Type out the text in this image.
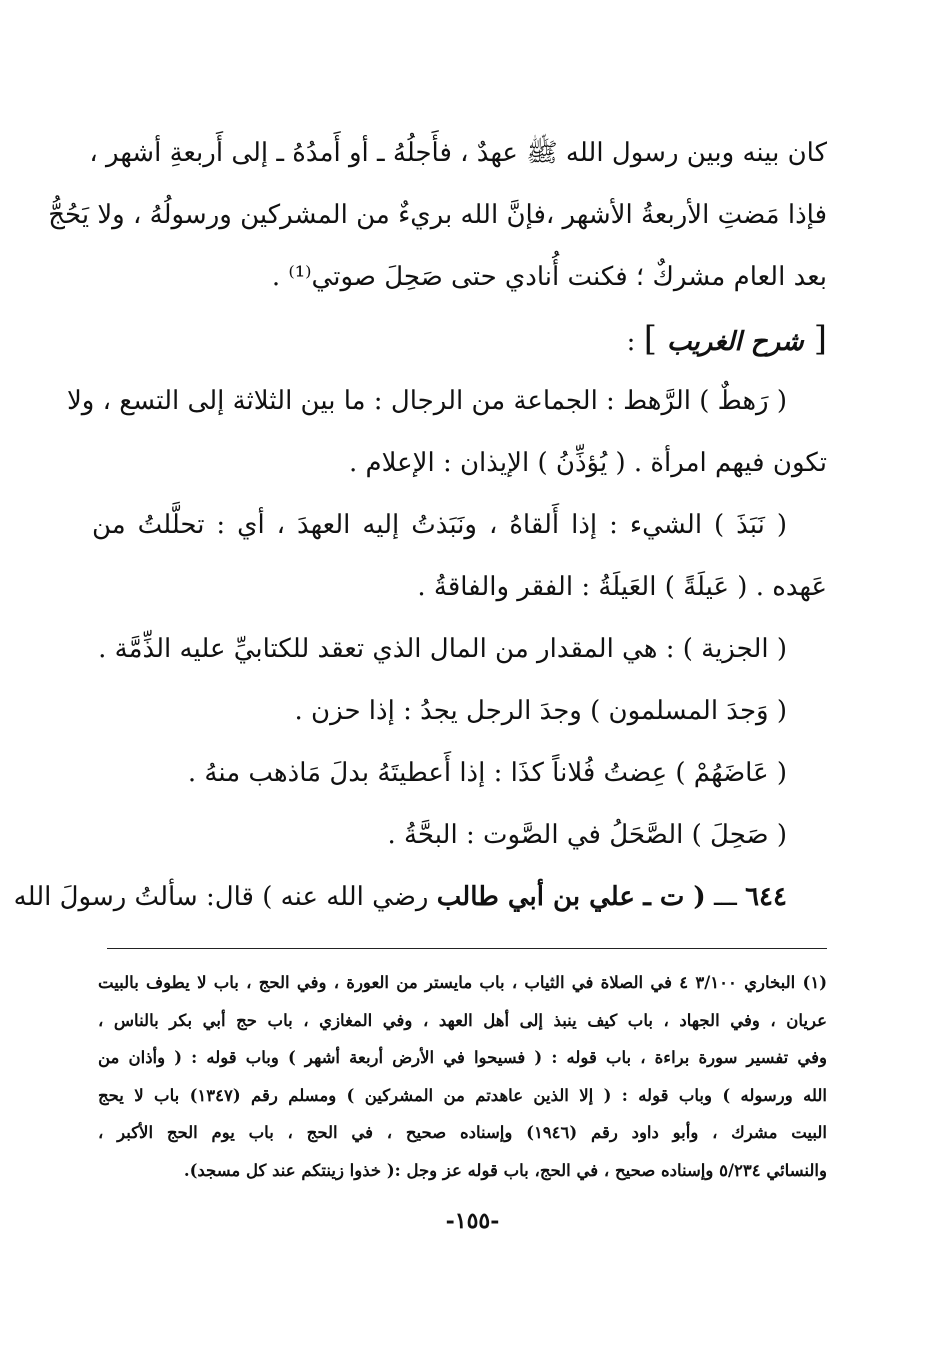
كان بينه وبين رسول الله ﷺ عهدٌ ، فأَجلُهُ ـ أو أَمدُهُ ـ إلى أَربعةِ أشهر ،
فإذا مَضتِ الأربعةُ الأشهر ،فإنَّ الله بريءٌ من المشركين ورسولُهُ ، ولا يَحُجُّ
بعد العام مشركٌ ؛ فكنت أُنادي حتى صَحِلَ صوتي⁽¹⁾ .
[شرح الغريب] :
( رَهطٌ ) الرَّهط : الجماعة من الرجال : ما بين الثلاثة إلى التسع ، ولا
تكون فيهم امرأة . ( يُؤذِّنُ ) الإيذان : الإعلام .
( نَبَذَ ) الشيء : إذا أَلقاهُ ، ونَبَذتُ إليه العهدَ ، أي : تحلَّلتُ من
عَهده . ( عَيلَةً ) العَيلَةُ : الفقر والفاقةُ .
( الجزية ) : هي المقدار من المال الذي تعقد للكتابيِّ عليه الذِّمَّة .
( وَجدَ المسلمون ) وجدَ الرجل يجدُ : إذا حزن .
( عَاضَهُمْ ) عِضتُ فُلاناً كذَا : إذا أَعطيتَهُ بدلَ مَاذهب منهُ .
( صَحِلَ ) الصَّحَلُ في الصَّوت : البحَّةُ .
٦٤٤ ـــ ( ت ـ علي بن أبي طالب رضي الله عنه ) قال: سألتُ رسولَ الله
(١) البخاري ٣/١٠٠ ٤ في الصلاة في الثياب ، باب مايستر من العورة ، وفي الحج ، باب لا يطوف بالبيت
عريان ، وفي الجهاد ، باب كيف ينبذ إلى أهل العهد ، وفي المغازي ، باب حج أبي بكر بالناس ،
وفي تفسير سورة براءة ، باب قوله : ( فسيحوا في الأرض أربعة أشهر ) وباب قوله : ( وأذان من
الله ورسوله ) وباب قوله : ( إلا الذين عاهدتم من المشركين ) ومسلم رقم (١٣٤٧) باب لا يحج
البيت مشرك ، وأبو داود رقم (١٩٤٦) وإسناده صحيح ، في الحج ، باب يوم الحج الأكبر ،
والنسائي ٥/٢٣٤ وإسناده صحيح ، في الحج، باب قوله عز وجل :( خذوا زينتكم عند كل مسجد).
-١٥٥-
